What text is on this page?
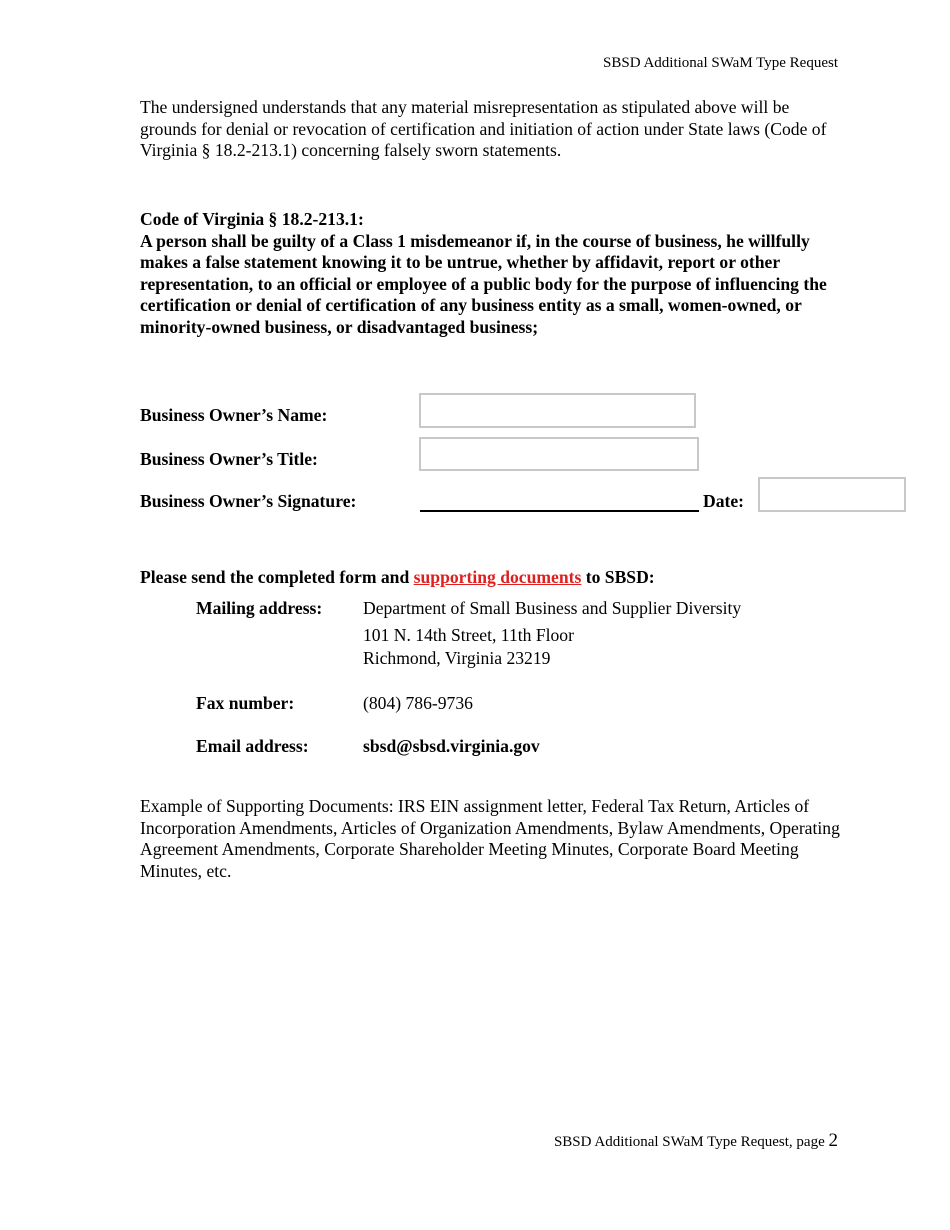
SBSD Additional SWaM Type Request
The undersigned understands that any material misrepresentation as stipulated above will be grounds for denial or revocation of certification and initiation of action under State laws (Code of Virginia § 18.2-213.1) concerning falsely sworn statements.

Code of Virginia § 18.2-213.1:

A person shall be guilty of a Class 1 misdemeanor if, in the course of business, he willfully makes a false statement knowing it to be untrue, whether by affidavit, report or other representation, to an official or employee of a public body for the purpose of influencing the certification or denial of certification of any business entity as a small, women-owned, or minority-owned business, or disadvantaged business;

Business Owner’s Name:
Business Owner’s Title:
Business Owner’s Signature:	Date:
Please send the completed form and supporting documents to SBSD:
Mailing address: Department of Small Business and Supplier Diversity
101 N. 14th Street, 11th Floor
Richmond, Virginia 23219
Fax number:	(804) 786-9736
Email address:	sbsd@sbsd.virginia.gov
Example of Supporting Documents: IRS EIN assignment letter, Federal Tax Return, Articles of Incorporation Amendments, Articles of Organization Amendments, Bylaw Amendments, Operating Agreement Amendments, Corporate Shareholder Meeting Minutes, Corporate Board Meeting Minutes, etc.
SBSD Additional SWaM Type Request, page 2
